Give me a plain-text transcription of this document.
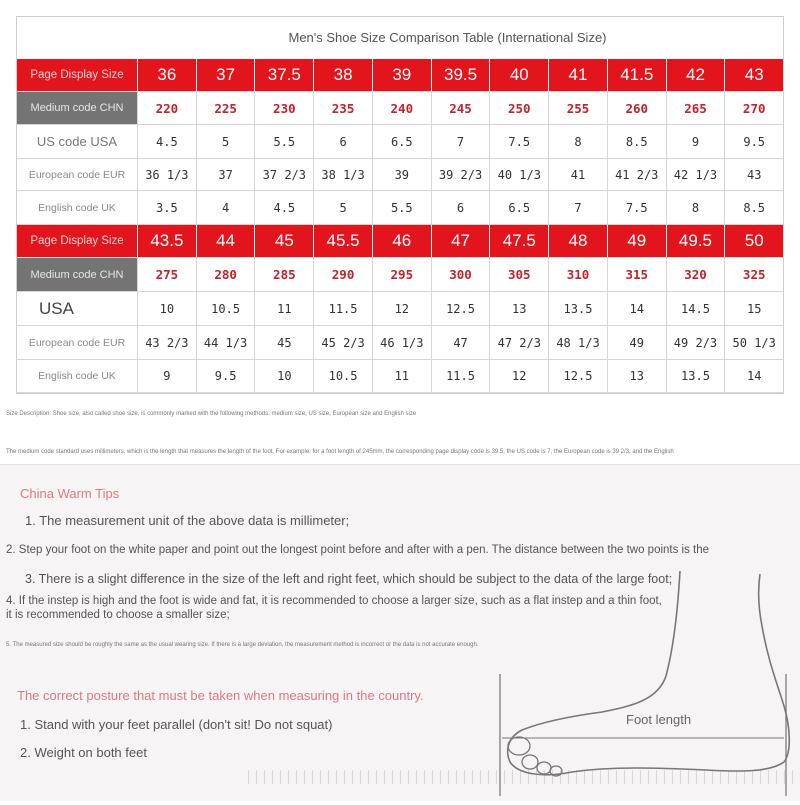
Men's Shoe Size Comparison Table (International Size)
Page Display Size	36	37	37.5	38	39	39.5	40	41	41.5	42	43
Medium code CHN	220	225	230	235	240	245	250	255	260	265	270
US code USA	4.5	5	5.5	6	6.5	7	7.5	8	8.5	9	9.5
European code EUR	36 1/3	37	37 2/3	38 1/3	39	39 2/3	40 1/3	41	41 2/3	42 1/3	43
English code UK	3.5	4	4.5	5	5.5	6	6.5	7	7.5	8	8.5
Page Display Size	43.5	44	45	45.5	46	47	47.5	48	49	49.5	50
Medium code CHN	275	280	285	290	295	300	305	310	315	320	325
USA	10	10.5	11	11.5	12	12.5	13	13.5	14	14.5	15
European code EUR	43 2/3	44 1/3	45	45 2/3	46 1/3	47	47 2/3	48 1/3	49	49 2/3	50 1/3
English code UK	9	9.5	10	10.5	11	11.5	12	12.5	13	13.5	14
Size Description: Shoe size, also called shoe size, is commonly marked with the following methods: medium size, US size, European size and English size
The medium code standard uses millimeters, which is the length that measures the length of the foot. For example, for a foot length of 245mm, the corresponding page display code is 39.5, the US code is 7, the European code is 39 2/3, and the English
China Warm Tips
1. The measurement unit of the above data is millimeter;
2. Step your foot on the white paper and point out the longest point before and after with a pen. The distance between the two points is the
3. There is a slight difference in the size of the left and right feet, which should be subject to the data of the large foot;
4. If the instep is high and the foot is wide and fat, it is recommended to choose a larger size, such as a flat instep and a thin foot,
it is recommended to choose a smaller size;
5. The measured size should be roughly the same as the usual wearing size. If there is a large deviation, the measurement method is incorrect or the data is not accurate enough.
The correct posture that must be taken when measuring in the country.
1. Stand with your feet parallel (don't sit! Do not squat)
2. Weight on both feet
Foot length
